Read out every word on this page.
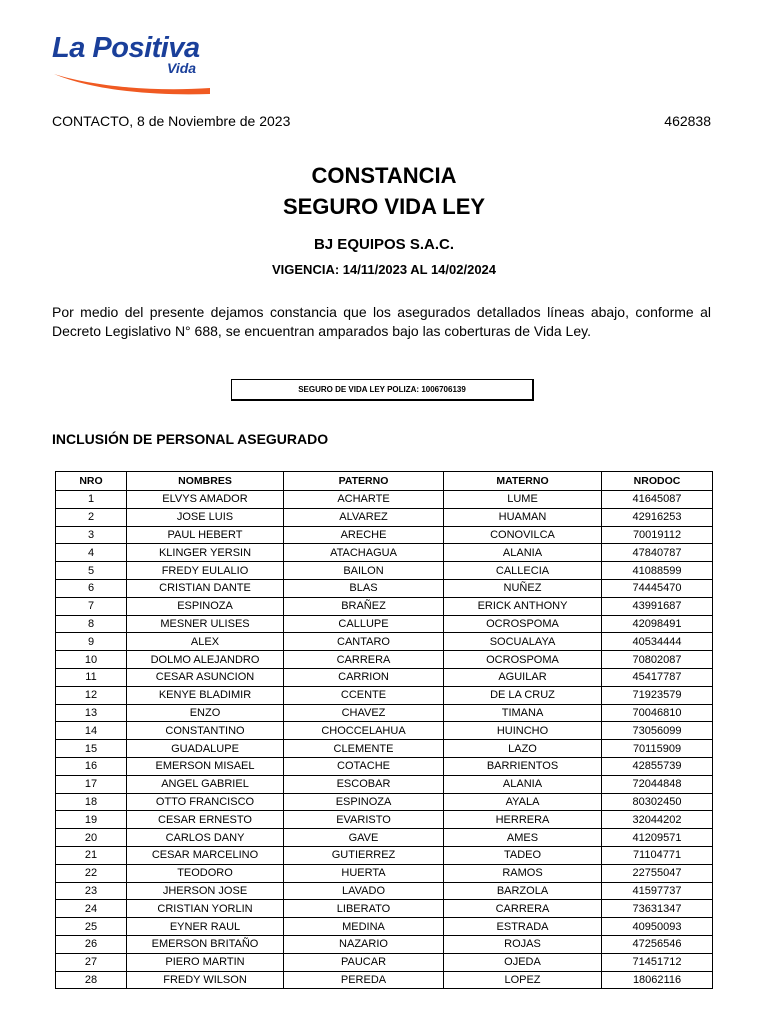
La Positiva
Vida
CONTACTO, 8 de Noviembre de 2023	462838
CONSTANCIA
SEGURO VIDA LEY
BJ EQUIPOS S.A.C.
VIGENCIA: 14/11/2023 AL 14/02/2024
Por medio del presente dejamos constancia que los asegurados detallados líneas abajo, conforme al Decreto Legislativo N° 688, se encuentran amparados bajo las coberturas de Vida Ley.
SEGURO DE VIDA LEY POLIZA: 1006706139
INCLUSIÓN DE PERSONAL ASEGURADO
NRO	NOMBRES	PATERNO	MATERNO	NRODOC
1	ELVYS AMADOR	ACHARTE	LUME	41645087
2	JOSE LUIS	ALVAREZ	HUAMAN	42916253
3	PAUL HEBERT	ARECHE	CONOVILCA	70019112
4	KLINGER YERSIN	ATACHAGUA	ALANIA	47840787
5	FREDY EULALIO	BAILON	CALLECIA	41088599
6	CRISTIAN DANTE	BLAS	NUÑEZ	74445470
7	ESPINOZA	BRAÑEZ	ERICK ANTHONY	43991687
8	MESNER ULISES	CALLUPE	OCROSPOMA	42098491
9	ALEX	CANTARO	SOCUALAYA	40534444
10	DOLMO ALEJANDRO	CARRERA	OCROSPOMA	70802087
11	CESAR ASUNCION	CARRION	AGUILAR	45417787
12	KENYE BLADIMIR	CCENTE	DE LA CRUZ	71923579
13	ENZO	CHAVEZ	TIMANA	70046810
14	CONSTANTINO	CHOCCELAHUA	HUINCHO	73056099
15	GUADALUPE	CLEMENTE	LAZO	70115909
16	EMERSON MISAEL	COTACHE	BARRIENTOS	42855739
17	ANGEL GABRIEL	ESCOBAR	ALANIA	72044848
18	OTTO FRANCISCO	ESPINOZA	AYALA	80302450
19	CESAR ERNESTO	EVARISTO	HERRERA	32044202
20	CARLOS DANY	GAVE	AMES	41209571
21	CESAR MARCELINO	GUTIERREZ	TADEO	71104771
22	TEODORO	HUERTA	RAMOS	22755047
23	JHERSON JOSE	LAVADO	BARZOLA	41597737
24	CRISTIAN YORLIN	LIBERATO	CARRERA	73631347
25	EYNER RAUL	MEDINA	ESTRADA	40950093
26	EMERSON BRITAÑO	NAZARIO	ROJAS	47256546
27	PIERO MARTIN	PAUCAR	OJEDA	71451712
28	FREDY WILSON	PEREDA	LOPEZ	18062116
